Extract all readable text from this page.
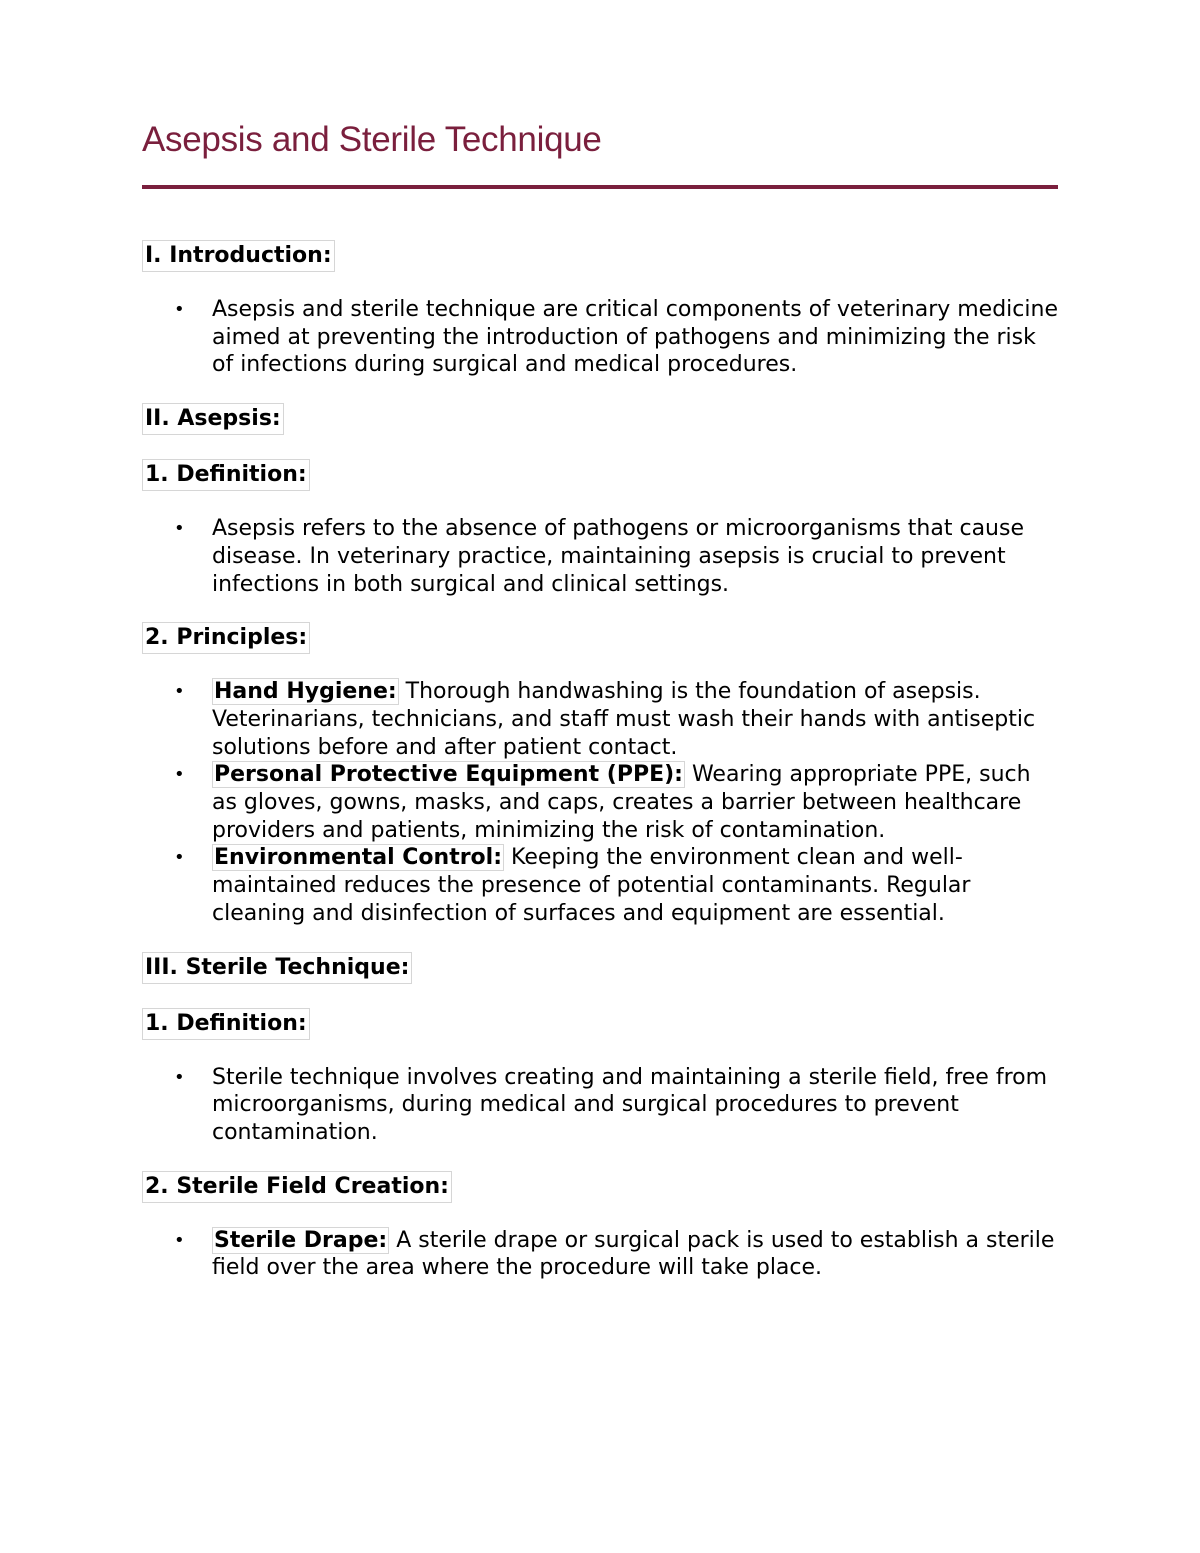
Asepsis and Sterile Technique
I. Introduction:
• Asepsis and sterile technique are critical components of veterinary medicine aimed at preventing the introduction of pathogens and minimizing the risk of infections during surgical and medical procedures.
II. Asepsis:
1. Definition:
• Asepsis refers to the absence of pathogens or microorganisms that cause disease. In veterinary practice, maintaining asepsis is crucial to prevent infections in both surgical and clinical settings.
2. Principles:
• Hand Hygiene: Thorough handwashing is the foundation of asepsis. Veterinarians, technicians, and staff must wash their hands with antiseptic solutions before and after patient contact.
• Personal Protective Equipment (PPE): Wearing appropriate PPE, such as gloves, gowns, masks, and caps, creates a barrier between healthcare providers and patients, minimizing the risk of contamination.
• Environmental Control: Keeping the environment clean and well-maintained reduces the presence of potential contaminants. Regular cleaning and disinfection of surfaces and equipment are essential.
III. Sterile Technique:
1. Definition:
• Sterile technique involves creating and maintaining a sterile field, free from microorganisms, during medical and surgical procedures to prevent contamination.
2. Sterile Field Creation:
• Sterile Drape: A sterile drape or surgical pack is used to establish a sterile field over the area where the procedure will take place.
